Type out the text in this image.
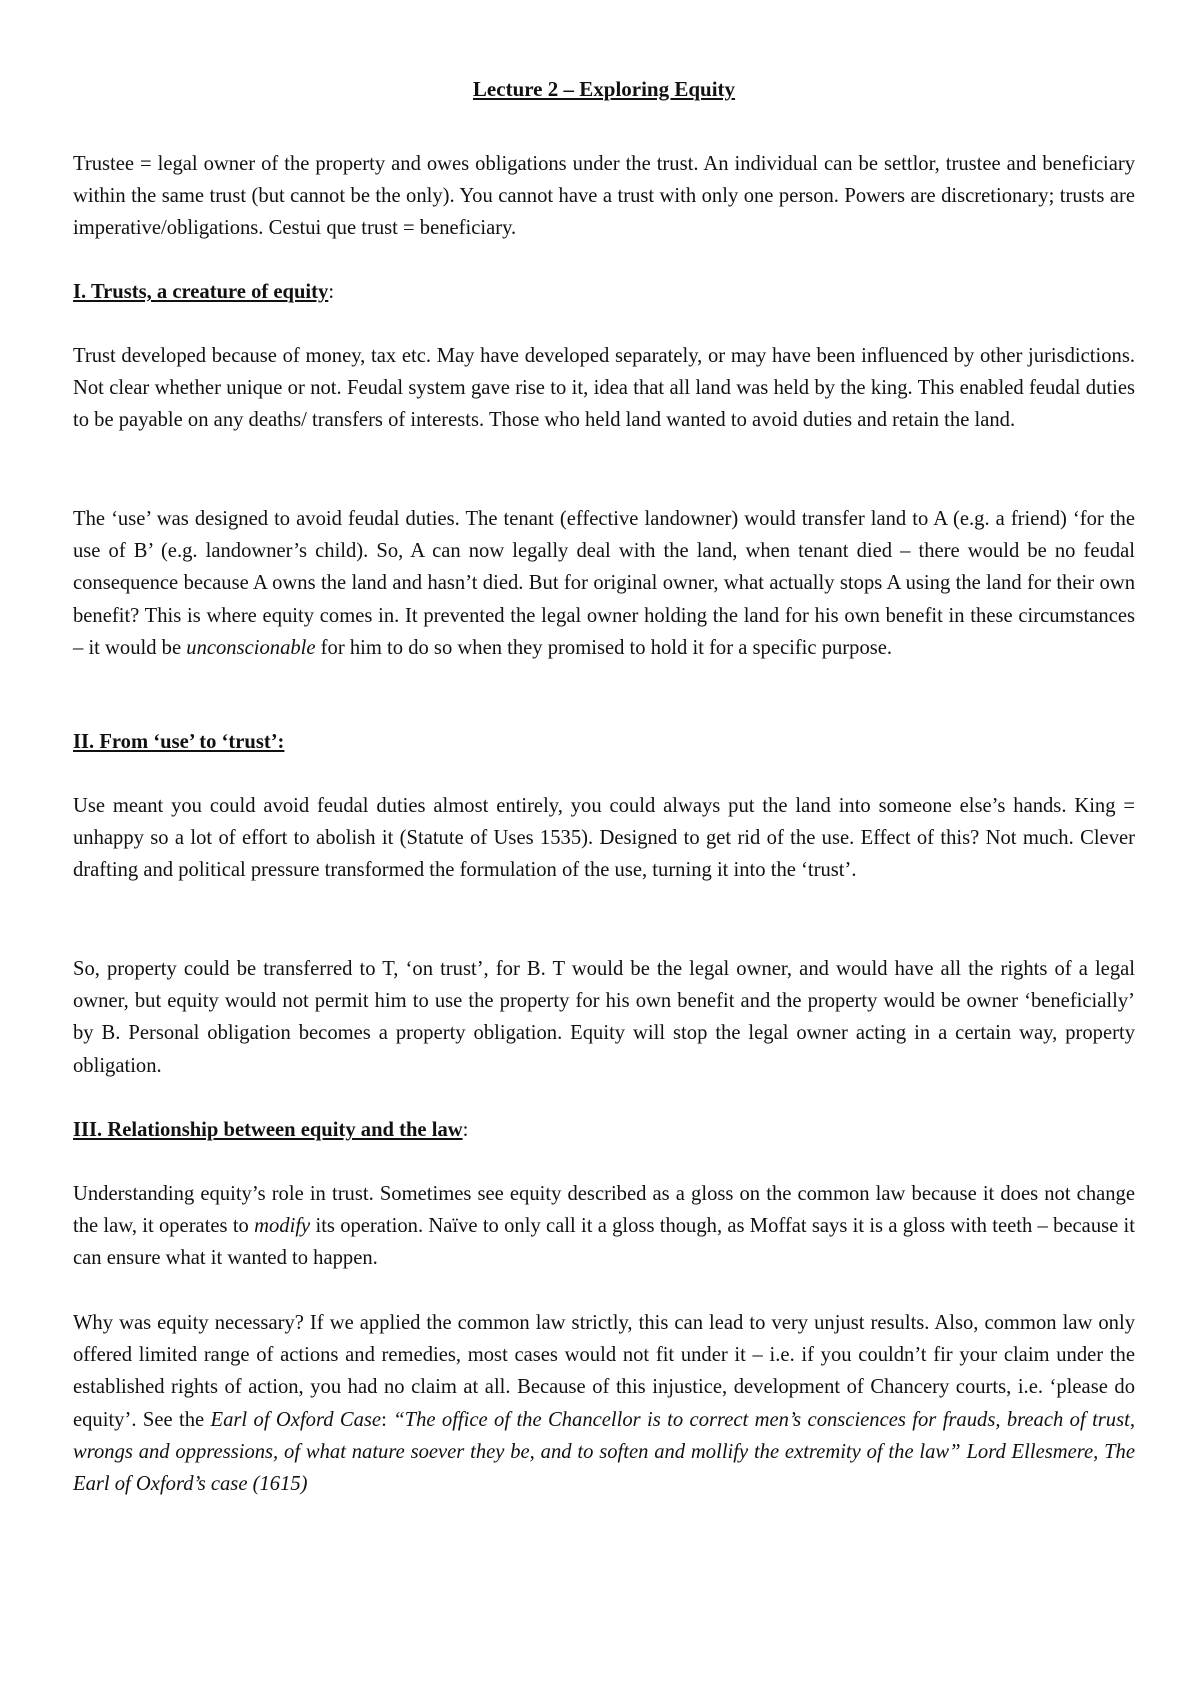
Lecture 2 – Exploring Equity

Trustee = legal owner of the property and owes obligations under the trust. An individual can be settlor, trustee and beneficiary within the same trust (but cannot be the only). You cannot have a trust with only one person. Powers are discretionary; trusts are imperative/obligations. Cestui que trust = beneficiary.

I. Trusts, a creature of equity:

Trust developed because of money, tax etc. May have developed separately, or may have been influenced by other jurisdictions. Not clear whether unique or not. Feudal system gave rise to it, idea that all land was held by the king. This enabled feudal duties to be payable on any deaths/ transfers of interests. Those who held land wanted to avoid duties and retain the land.

The ‘use’ was designed to avoid feudal duties. The tenant (effective landowner) would transfer land to A (e.g. a friend) ‘for the use of B’ (e.g. landowner’s child). So, A can now legally deal with the land, when tenant died – there would be no feudal consequence because A owns the land and hasn’t died. But for original owner, what actually stops A using the land for their own benefit? This is where equity comes in. It prevented the legal owner holding the land for his own benefit in these circumstances – it would be unconscionable for him to do so when they promised to hold it for a specific purpose.

II. From ‘use’ to ‘trust’:

Use meant you could avoid feudal duties almost entirely, you could always put the land into someone else’s hands. King = unhappy so a lot of effort to abolish it (Statute of Uses 1535). Designed to get rid of the use. Effect of this? Not much. Clever drafting and political pressure transformed the formulation of the use, turning it into the ‘trust’.

So, property could be transferred to T, ‘on trust’, for B. T would be the legal owner, and would have all the rights of a legal owner, but equity would not permit him to use the property for his own benefit and the property would be owner ‘beneficially’ by B. Personal obligation becomes a property obligation. Equity will stop the legal owner acting in a certain way, property obligation.

III. Relationship between equity and the law:

Understanding equity’s role in trust. Sometimes see equity described as a gloss on the common law because it does not change the law, it operates to modify its operation. Naïve to only call it a gloss though, as Moffat says it is a gloss with teeth – because it can ensure what it wanted to happen.

Why was equity necessary? If we applied the common law strictly, this can lead to very unjust results. Also, common law only offered limited range of actions and remedies, most cases would not fit under it – i.e. if you couldn’t fir your claim under the established rights of action, you had no claim at all. Because of this injustice, development of Chancery courts, i.e. ‘please do equity’. See the Earl of Oxford Case: “The office of the Chancellor is to correct men’s consciences for frauds, breach of trust, wrongs and oppressions, of what nature soever they be, and to soften and mollify the extremity of the law” Lord Ellesmere, The Earl of Oxford’s case (1615)
